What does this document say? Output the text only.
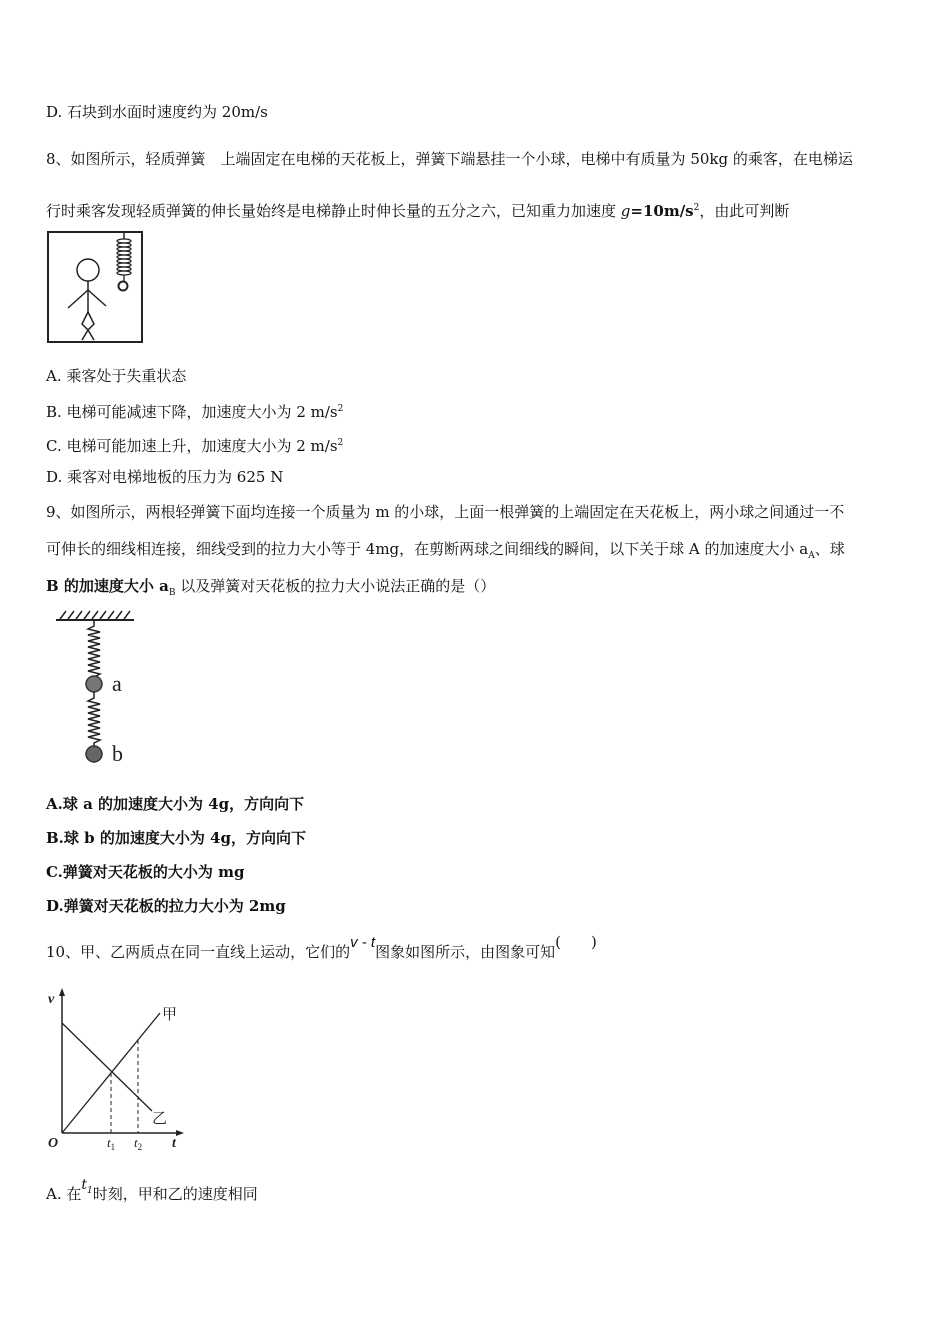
D. 石块到水面时速度约为 20m/s
8、如图所示，轻质弹簧　上端固定在电梯的天花板上，弹簧下端悬挂一个小球，电梯中有质量为 50kg 的乘客，在电梯运
行时乘客发现轻质弹簧的伸长量始终是电梯静止时伸长量的五分之六，已知重力加速度 $g=10m/s^2$，由此可判断
A. 乘客处于失重状态
B. 电梯可能减速下降，加速度大小为 2 $m/s^2$
C. 电梯可能加速上升，加速度大小为 2 $m/s^2$
D. 乘客对电梯地板的压力为 625 N
9、如图所示，两根轻弹簧下面均连接一个质量为 m 的小球，上面一根弹簧的上端固定在天花板上，两小球之间通过一不
可伸长的细线相连接，细线受到的拉力大小等于 4mg，在剪断两球之间细线的瞬间，以下关于球 A 的加速度大小 $a_A$、球
B 的加速度大小 $a_B$ 以及弹簧对天花板的拉力大小说法正确的是（）
a
b
A.球 a 的加速度大小为 4g，方向向下
B.球 b 的加速度大小为 4g，方向向下
C.弹簧对天花板的大小为 mg
D.弹簧对天花板的拉力大小为 2mg
10、甲、乙两质点在同一直线上运动，它们的v - t图象如图所示，由图象可知(　　)
v
t
O
甲
乙
$t_1$ $t_2$
A. 在$t_1$时刻，甲和乙的速度相同
